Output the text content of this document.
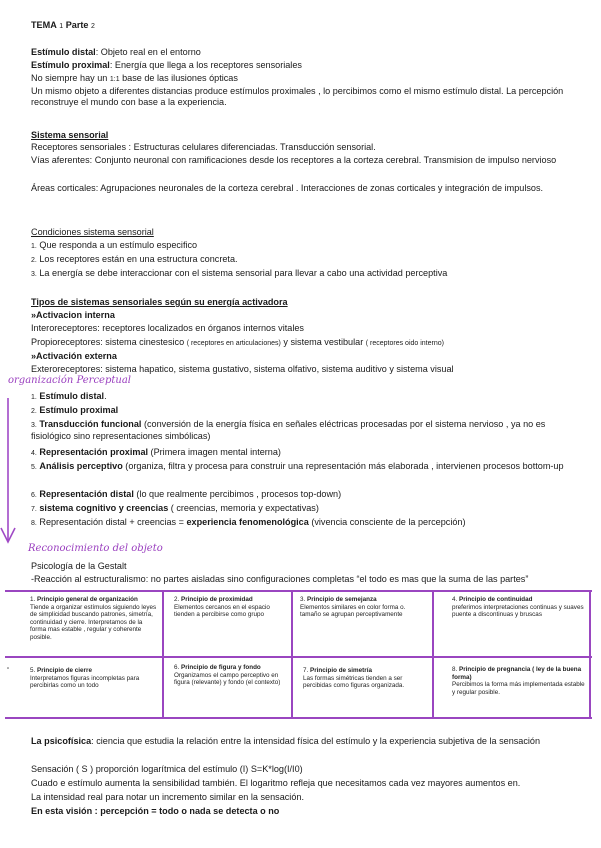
TEMA 1 Parte 2
Estímulo distal: Objeto real en el entorno
Estímulo proximal: Energía que llega a los receptores sensoriales
No siempre hay un 1:1 base de las ilusiones ópticas
Un mismo objeto a diferentes distancias produce estímulos proximales , lo percibimos como el mismo estímulo distal. La percepción reconstruye el mundo con base a la experiencia.
Sistema sensorial
Receptores sensoriales : Estructuras celulares diferenciadas. Transducción sensorial.
Vías aferentes: Conjunto neuronal con ramificaciones desde los receptores a la corteza cerebral. Transmision de impulso nervioso
Áreas corticales: Agrupaciones neuronales de la corteza cerebral . Interacciones de zonas corticales y integración de impulsos.
Condiciones sistema sensorial
1. Que responda a un estímulo especifico
2. Los receptores están en una estructura concreta.
3. La energía se debe interaccionar con el sistema sensorial para llevar a cabo una actividad perceptiva
Tipos de sistemas sensoriales según su energía activadora
»Activacion interna
Interoreceptores: receptores localizados en órganos internos vitales
Propioreceptores: sistema cinestesico ( receptores en articulaciones) y sistema vestibular ( receptores oido interno)
»Activación externa
Exteroreceptores: sistema hapatico, sistema gustativo, sistema olfativo, sistema auditivo y sistema visual
organización Perceptual
1. Estímulo distal.
2. Estímulo proximal
3. Transducción funcional (conversión de la energía física en señales eléctricas procesadas por el sistema nervioso , ya no es fisiológico sino representaciones simbólicas)
4. Representación proximal (Primera imagen mental interna)
5. Análisis perceptivo (organiza, filtra y procesa para construir una representación más elaborada , intervienen procesos bottom-up
6. Representación distal (lo que realmente percibimos , procesos top-down)
7. sistema cognitivo y creencias ( creencias, memoria y expectativas)
8. Representación distal + creencias = experiencia fenomenológica (vivencia consciente de la percepción)
Reconocimiento del objeto
Psicología de la Gestalt
-Reacción al estructuralismo: no partes aisladas sino configuraciones completas “el todo es mas que la suma de las partes”
1. Principio general de organización
Tiende a organizar estímulos siguiendo leyes de simplicidad buscando patrones, simetría, continuidad y cierre. Interpretamos de la forma mas estable , regular y coherente posible.
2. Principio de proximidad
Elementos cercanos en el espacio tienden a percibirse como grupo
3. Principio de semejanza
Elementos similares en color forma o. tamaño se agrupan perceptivamente
4. Principio de continuidad
preferimos interpretaciones continuas y suaves puente a discontinuas y bruscas
5. Principio de cierre
Interpretamos figuras incompletas para percibirlas como un todo
6. Principio de figura y fondo
Organizamos el campo perceptivo en figura (relevante) y fondo (el contexto)
7. Principio de simetría
Las formas simétricas tienden a ser percibidas como figuras organizada.
8. Principio de pregnancia ( ley de la buena forma)
Percibimos la forma más implementada estable y regular posible.
La psicofísica: ciencia que estudia la relación entre la intensidad física del estímulo y la experiencia subjetiva de la sensación
Sensación ( S ) proporción logarítmica del estímulo (I) S=K*log(I/I0)
Cuado e estímulo aumenta la sensibilidad también. El logaritmo refleja que necesitamos cada vez mayores aumentos en.
La intensidad real para notar un incremento similar en la sensación.
En esta visión : percepción = todo o nada se detecta o no
